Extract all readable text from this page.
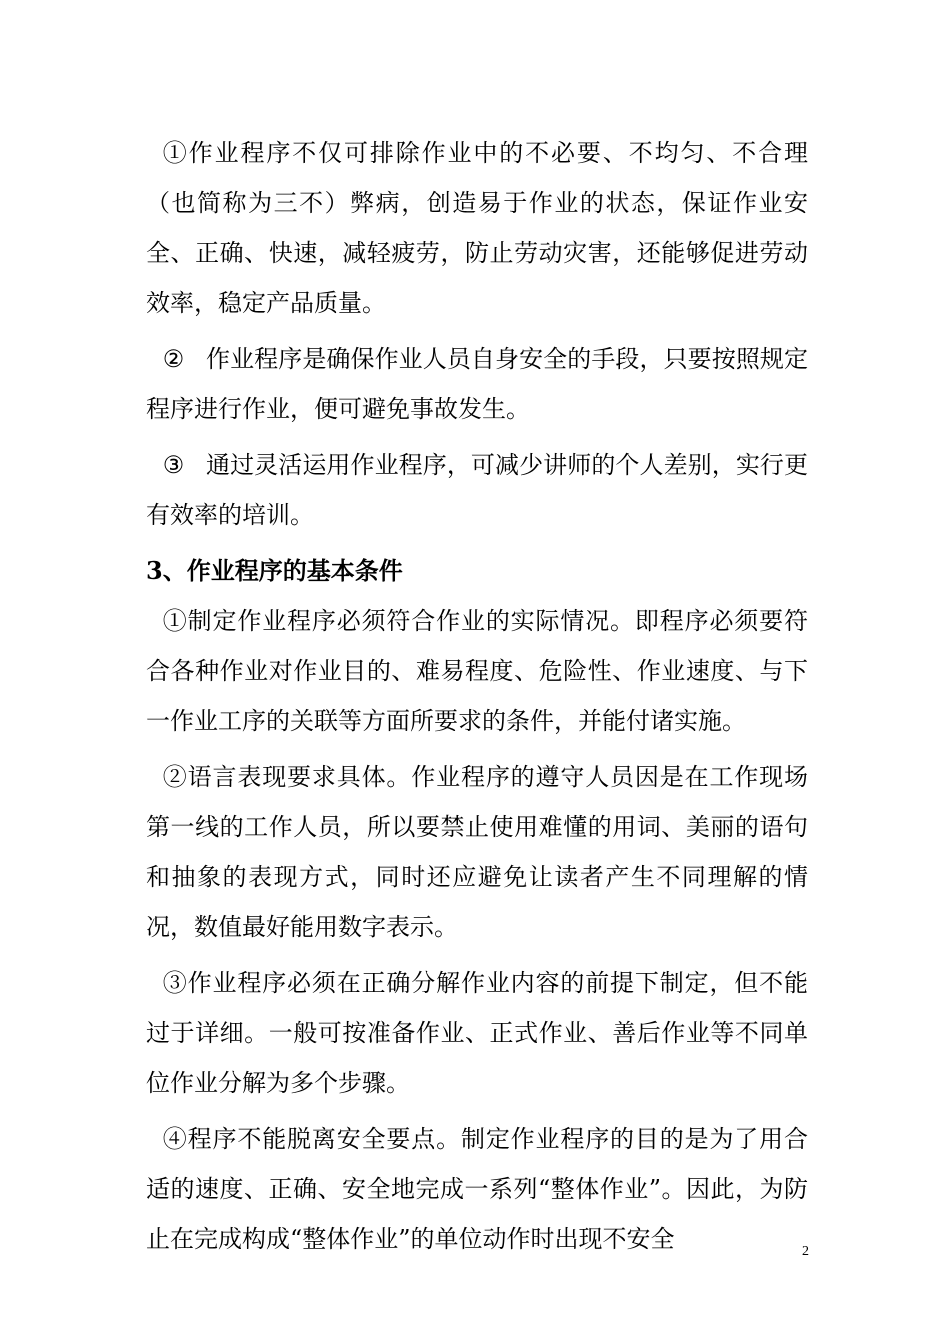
①作业程序不仅可排除作业中的不必要、不均匀、不合理（也简称为三不）弊病，创造易于作业的状态，保证作业安全、正确、快速，减轻疲劳，防止劳动灾害，还能够促进劳动效率，稳定产品质量。

② 作业程序是确保作业人员自身安全的手段，只要按照规定程序进行作业，便可避免事故发生。

③ 通过灵活运用作业程序，可减少讲师的个人差别，实行更有效率的培训。

3、作业程序的基本条件

①制定作业程序必须符合作业的实际情况。即程序必须要符合各种作业对作业目的、难易程度、危险性、作业速度、与下一作业工序的关联等方面所要求的条件，并能付诸实施。

②语言表现要求具体。作业程序的遵守人员因是在工作现场第一线的工作人员，所以要禁止使用难懂的用词、美丽的语句和抽象的表现方式，同时还应避免让读者产生不同理解的情况，数值最好能用数字表示。

③作业程序必须在正确分解作业内容的前提下制定，但不能过于详细。一般可按准备作业、正式作业、善后作业等不同单位作业分解为多个步骤。

④程序不能脱离安全要点。制定作业程序的目的是为了用合适的速度、正确、安全地完成一系列“整体作业”。因此，为防止在完成构成“整体作业”的单位动作时出现不安全	2
